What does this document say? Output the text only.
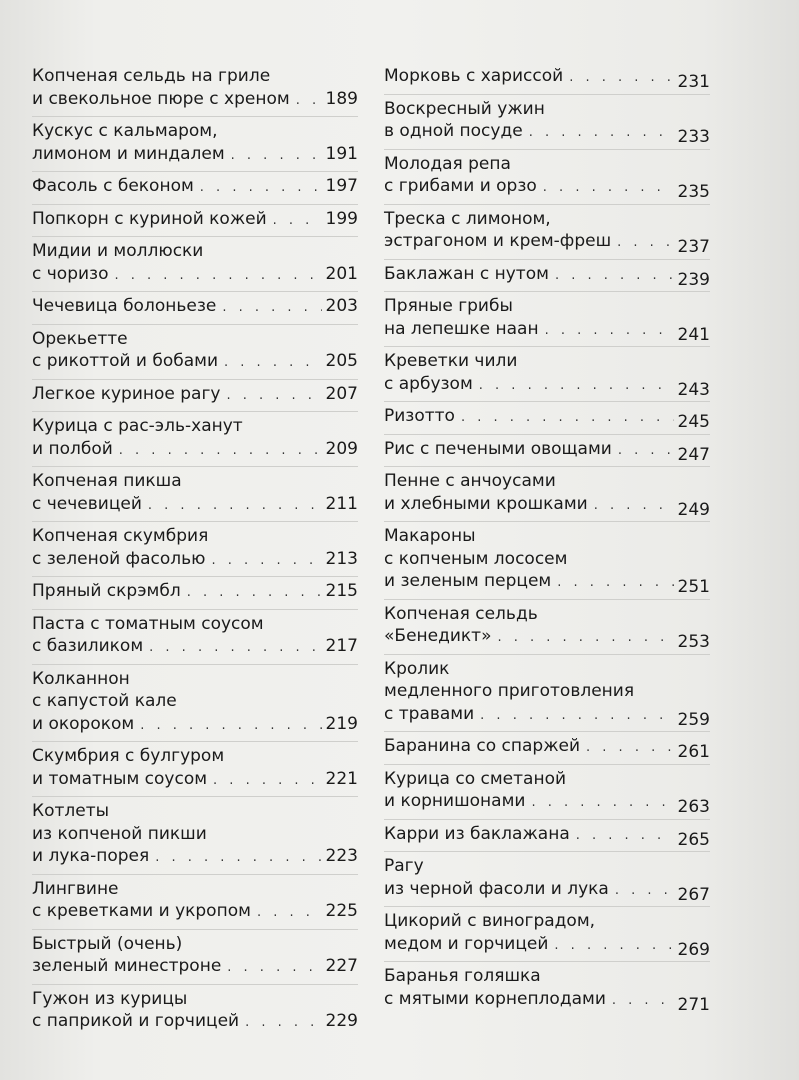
Копченая сельдь на гриле
и свекольное пюре с хреном . . . 189
Кускус с кальмаром,
лимоном и миндалем . . .	191
Фасоль с беконом . . .	197
Попкорн с куриной кожей . . .	199
Мидии и моллюски
с чоризо . . .	201
Чечевица болоньезе . . .	203
Орекьетте
с рикоттой и бобами . . .	205
Легкое куриное рагу . . .	207
Курица с рас-эль-ханут
и полбой . . .	209
Копченая пикша
с чечевицей . . .	211
Копченая скумбрия
с зеленой фасолью . . .	213
Пряный скрэмбл . . .	215
Паста с томатным соусом
с базиликом . . .	217
Колканнон
с капустой кале
и окороком . . .	219
Скумбрия с булгуром
и томатным соусом . . .	221
Котлеты
из копченой пикши
и лука-порея . . .	223
Лингвине
с креветками и укропом . . .	225
Быстрый (очень)
зеленый минестроне . . .	227
Гужон из курицы
с паприкой и горчицей . . .	229
Морковь с хариссой . . .	231
Воскресный ужин
в одной посуде . . .	233
Молодая репа
с грибами и орзо . . .	235
Треска с лимоном,
эстрагоном и крем-фреш . . .	237
Баклажан с нутом . . .	239
Пряные грибы
на лепешке наан . . .	241
Креветки чили
с арбузом . . .	243
Ризотто . . .	245
Рис с печеными овощами . . .	247
Пенне с анчоусами
и хлебными крошками . . .	249
Макароны
с копченым лососем
и зеленым перцем . . .	251
Копченая сельдь
«Бенедикт» . . .	253
Кролик
медленного приготовления
с травами . . .	259
Баранина со спаржей . . .	261
Курица со сметаной
и корнишонами . . .	263
Карри из баклажана . . .	265
Рагу
из черной фасоли и лука . . .	267
Цикорий с виноградом,
медом и горчицей . . .	269
Баранья голяшка
с мятыми корнеплодами . . .	271
